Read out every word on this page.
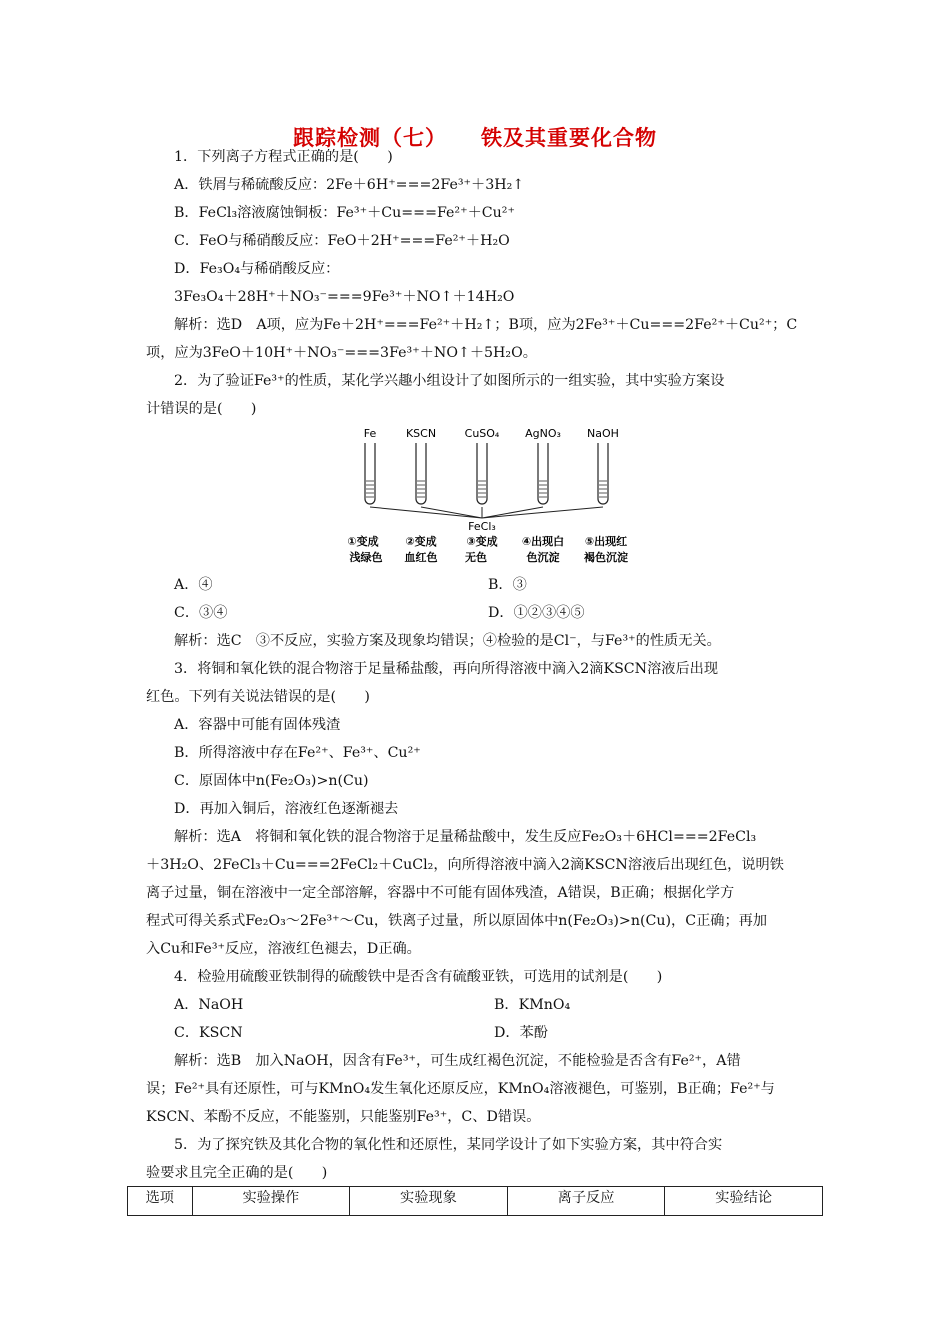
跟踪检测（七） 铁及其重要化合物
1．下列离子方程式正确的是(　　)
A．铁屑与稀硫酸反应：2Fe＋6H⁺===2Fe³⁺＋3H₂↑
B．FeCl₃溶液腐蚀铜板：Fe³⁺＋Cu===Fe²⁺＋Cu²⁺
C．FeO与稀硝酸反应：FeO＋2H⁺===Fe²⁺＋H₂O
D．Fe₃O₄与稀硝酸反应：
3Fe₃O₄＋28H⁺＋NO₃⁻===9Fe³⁺＋NO↑＋14H₂O
解析：选D　A项，应为Fe＋2H⁺===Fe²⁺＋H₂↑；B项，应为2Fe³⁺＋Cu===2Fe²⁺＋Cu²⁺；C
项，应为3FeO＋10H⁺＋NO₃⁻===3Fe³⁺＋NO↑＋5H₂O。
2．为了验证Fe³⁺的性质，某化学兴趣小组设计了如图所示的一组实验，其中实验方案设
计错误的是(　　)
Fe	KSCN	CuSO₄ AgNO₃ NaOH
FeCl₃
①变成 ②变成	③变成 ④出现白 ⑤出现红
浅绿色 血红色	无色	色沉淀 褐色沉淀
A．④	B．③
C．③④	D．①②③④⑤
解析：选C　③不反应，实验方案及现象均错误；④检验的是Cl⁻，与Fe³⁺的性质无关。
3．将铜和氧化铁的混合物溶于足量稀盐酸，再向所得溶液中滴入2滴KSCN溶液后出现
红色。下列有关说法错误的是(　　)
A．容器中可能有固体残渣
B．所得溶液中存在Fe²⁺、Fe³⁺、Cu²⁺
C．原固体中n(Fe₂O₃)>n(Cu)
D．再加入铜后，溶液红色逐渐褪去
解析：选A　将铜和氧化铁的混合物溶于足量稀盐酸中，发生反应Fe₂O₃＋6HCl===2FeCl₃
＋3H₂O、2FeCl₃＋Cu===2FeCl₂＋CuCl₂，向所得溶液中滴入2滴KSCN溶液后出现红色，说明铁
离子过量，铜在溶液中一定全部溶解，容器中不可能有固体残渣，A错误，B正确；根据化学方
程式可得关系式Fe₂O₃～2Fe³⁺～Cu，铁离子过量，所以原固体中n(Fe₂O₃)>n(Cu)，C正确；再加
入Cu和Fe³⁺反应，溶液红色褪去，D正确。
4．检验用硫酸亚铁制得的硫酸铁中是否含有硫酸亚铁，可选用的试剂是(　　)
A．NaOH	B．KMnO₄
C．KSCN	D．苯酚
解析：选B　加入NaOH，因含有Fe³⁺，可生成红褐色沉淀，不能检验是否含有Fe²⁺，A错
误；Fe²⁺具有还原性，可与KMnO₄发生氧化还原反应，KMnO₄溶液褪色，可鉴别，B正确；Fe²⁺与
KSCN、苯酚不反应，不能鉴别，只能鉴别Fe³⁺，C、D错误。
5．为了探究铁及其化合物的氧化性和还原性，某同学设计了如下实验方案，其中符合实
验要求且完全正确的是(　　)
选项	实验操作	实验现象	离子反应	实验结论
